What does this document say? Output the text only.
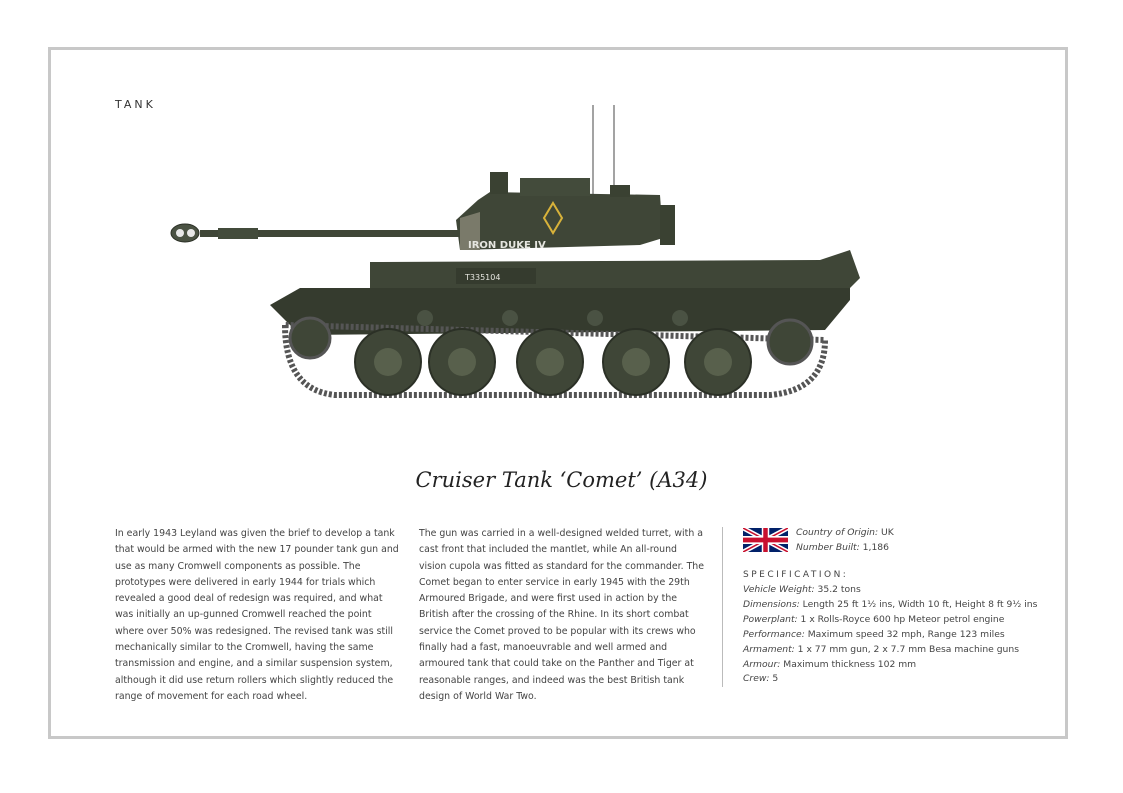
TANK
IRON DUKE IV
T335104
Cruiser Tank ‘Comet’ (A34)
In early 1943 Leyland was given the brief to develop a tank that would be armed with the new 17 pounder tank gun and use as many Cromwell components as possible. The prototypes were delivered in early 1944 for trials which revealed a good deal of redesign was required, and what was initially an up-gunned Cromwell reached the point where over 50% was redesigned. The revised tank was still mechanically similar to the Cromwell, having the same transmission and engine, and a similar suspension system, although it did use return rollers which slightly reduced the range of movement for each road wheel.
The gun was carried in a well-designed welded turret, with a cast front that included the mantlet, while An all-round vision cupola was fitted as standard for the commander. The Comet began to enter service in early 1945 with the 29th Armoured Brigade, and were first used in action by the British after the crossing of the Rhine. In its short combat service the Comet proved to be popular with its crews who finally had a fast, manoeuvrable and well armed and armoured tank that could take on the Panther and Tiger at reasonable ranges, and indeed was the best British tank design of World War Two.
Country of Origin: UK
Number Built: 1,186
SPECIFICATION:
Vehicle Weight: 35.2 tons
Dimensions: Length 25 ft 1½ ins, Width 10 ft, Height 8 ft 9½ ins
Powerplant: 1 x Rolls-Royce 600 hp Meteor petrol engine
Performance: Maximum speed 32 mph, Range 123 miles
Armament: 1 x 77 mm gun, 2 x 7.7 mm Besa machine guns
Armour: Maximum thickness 102 mm
Crew: 5
